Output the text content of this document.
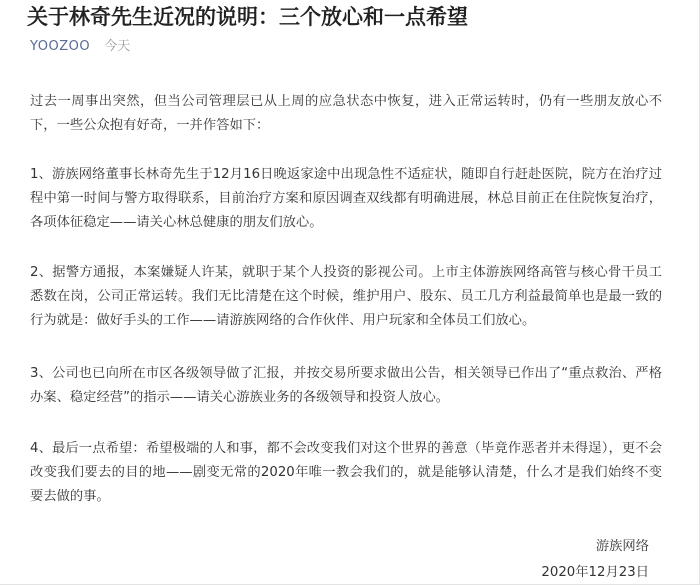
关于林奇先生近况的说明：三个放心和一点希望
YOOZOO 今天

过去一周事出突然，但当公司管理层已从上周的应急状态中恢复，进入正常运转时，仍有一些朋友放心不下，一些公众抱有好奇，一并作答如下：

1、游族网络董事长林奇先生于12月16日晚返家途中出现急性不适症状，随即自行赶赴医院，院方在治疗过程中第一时间与警方取得联系，目前治疗方案和原因调查双线都有明确进展，林总目前正在住院恢复治疗，各项体征稳定——请关心林总健康的朋友们放心。

2、据警方通报，本案嫌疑人许某，就职于某个人投资的影视公司。上市主体游族网络高管与核心骨干员工悉数在岗，公司正常运转。我们无比清楚在这个时候，维护用户、股东、员工几方利益最简单也是最一致的行为就是：做好手头的工作——请游族网络的合作伙伴、用户玩家和全体员工们放心。

3、公司也已向所在市区各级领导做了汇报，并按交易所要求做出公告，相关领导已作出了“重点救治、严格办案、稳定经营”的指示——请关心游族业务的各级领导和投资人放心。

4、最后一点希望：希望极端的人和事，都不会改变我们对这个世界的善意（毕竟作恶者并未得逞），更不会改变我们要去的目的地——剧变无常的2020年唯一教会我们的，就是能够认清楚，什么才是我们始终不变要去做的事。

游族网络
2020年12月23日
